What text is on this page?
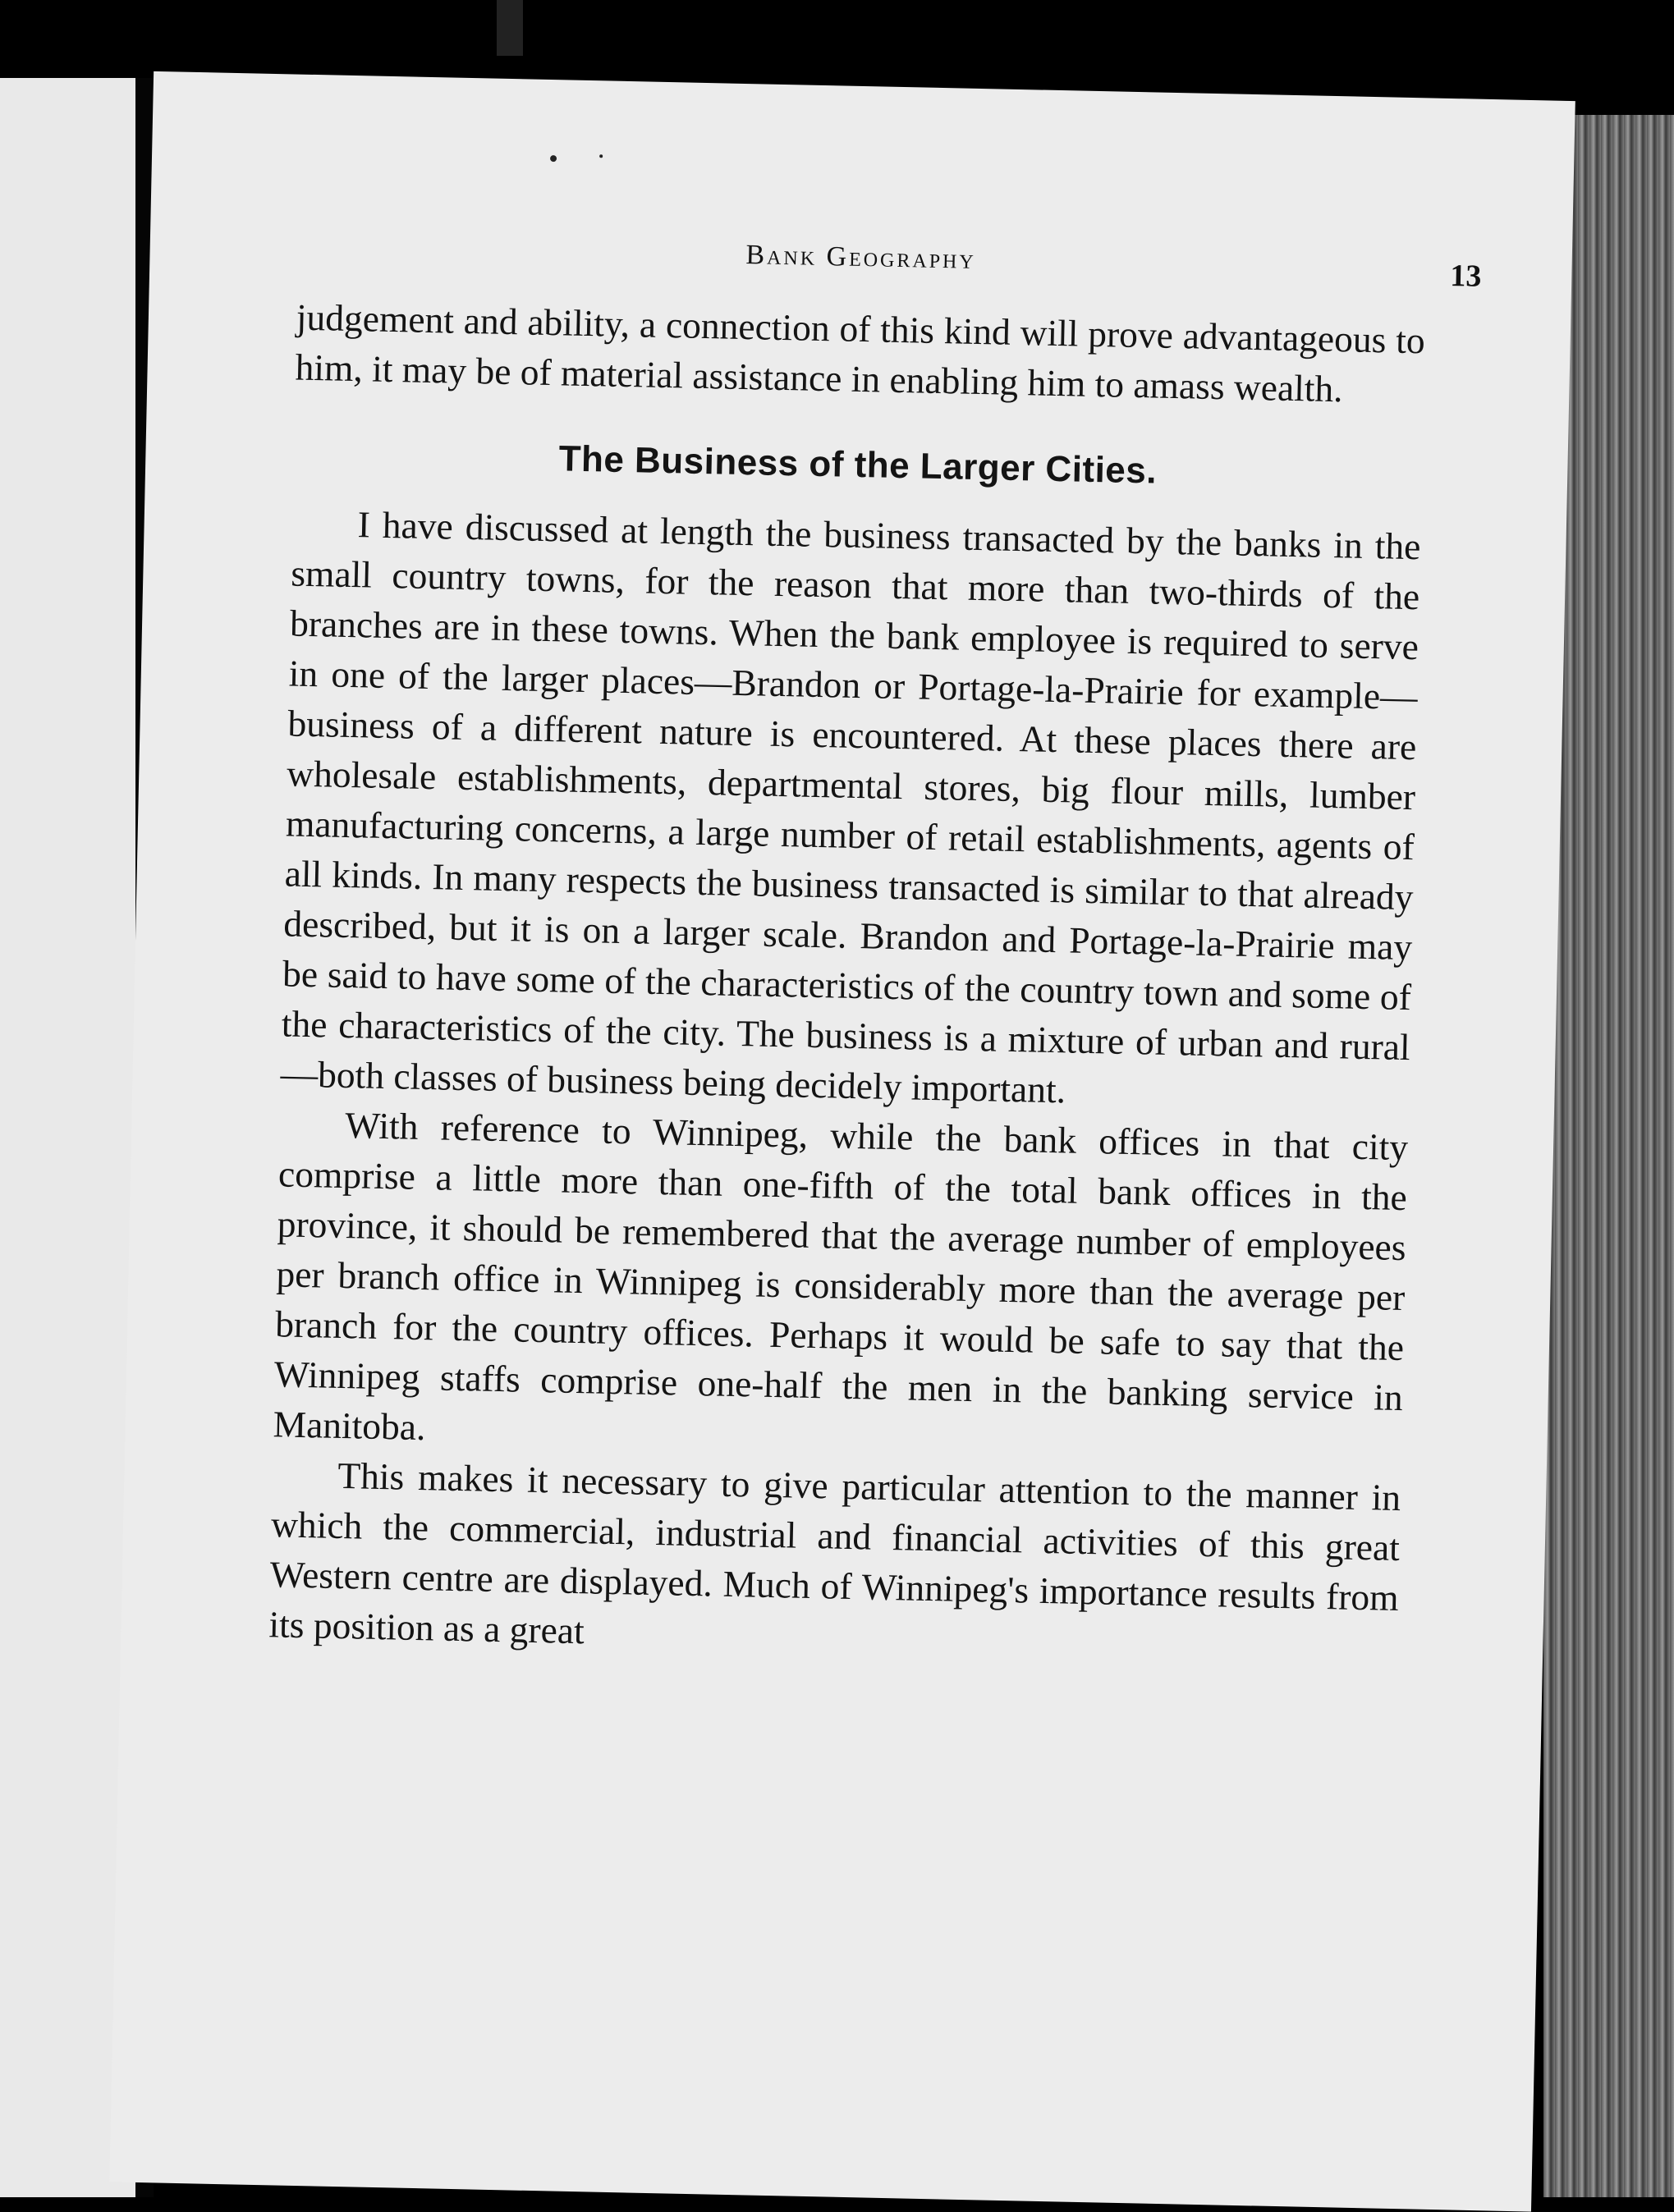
Bank Geography
13

judgement and ability, a connection of this kind will prove advantageous to him, it may be of material assistance in enabling him to amass wealth.

The Business of the Larger Cities.

I have discussed at length the business transacted by the banks in the small country towns, for the reason that more than two-thirds of the branches are in these towns. When the bank employee is required to serve in one of the larger places—Brandon or Portage-la-Prairie for example—business of a different nature is encountered. At these places there are wholesale establishments, departmental stores, big flour mills, lumber manufacturing concerns, a large number of retail establishments, agents of all kinds. In many respects the business transacted is similar to that already described, but it is on a larger scale. Brandon and Portage-la-Prairie may be said to have some of the characteristics of the country town and some of the characteristics of the city. The business is a mixture of urban and rural—both classes of business being decidely important.

With reference to Winnipeg, while the bank offices in that city comprise a little more than one-fifth of the total bank offices in the province, it should be remembered that the average number of employees per branch office in Winnipeg is considerably more than the average per branch for the country offices. Perhaps it would be safe to say that the Winnipeg staffs comprise one-half the men in the banking service in Manitoba.

This makes it necessary to give particular attention to the manner in which the commercial, industrial and financial activities of this great Western centre are displayed. Much of Winnipeg's importance results from its position as a great
